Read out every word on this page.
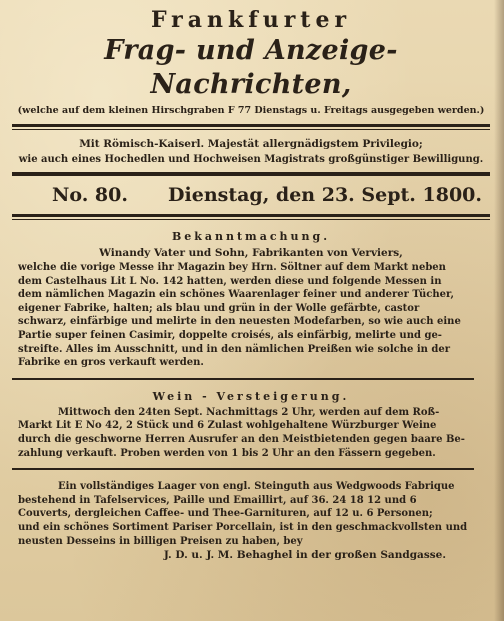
Frankfurter
Frag- und Anzeige-Nachrichten,
(welche auf dem kleinen Hirschgraben F 77 Dienstags u. Freitags ausgegeben werden.)
Mit Römisch-Kaiserl. Majestät allergnädigstem Privilegio;
wie auch eines Hochedlen und Hochweisen Magistrats großgünstiger Bewilligung.
No. 80. Dienstag, den 23. Sept. 1800.
Bekanntmachung.
Winandy Vater und Sohn, Fabrikanten von Verviers,
welche die vorige Messe ihr Magazin bey Hrn. Söltner auf dem Markt neben
dem Castelhaus Lit L No. 142 hatten, werden diese und folgende Messen in
dem nämlichen Magazin ein schönes Waarenlager feiner und anderer Tücher,
eigener Fabrike, halten; als blau und grün in der Wolle gefärbte, castor
schwarz, einfärbige und melirte in den neuesten Modefarben, so wie auch eine
Partie super feinen Casimir, doppelte croisés, als einfärbig, melirte und ge-
streifte. Alles im Ausschnitt, und in den nämlichen Preißen wie solche in der
Fabrike en gros verkauft werden.
Wein - Versteigerung.
Mittwoch den 24ten Sept. Nachmittags 2 Uhr, werden auf dem Roß-
Markt Lit E No 42, 2 Stück und 6 Zulast wohlgehaltene Würzburger Weine
durch die geschworne Herren Ausrufer an den Meistbietenden gegen baare Be-
zahlung verkauft. Proben werden von 1 bis 2 Uhr an den Fässern gegeben.
Ein vollständiges Laager von engl. Steinguth aus Wedgwoods Fabrique
bestehend in Tafelservices, Paille und Emaillirt, auf 36. 24 18 12 und 6
Couverts, dergleichen Caffee- und Thee-Garnituren, auf 12 u. 6 Personen;
und ein schönes Sortiment Pariser Porcellain, ist in den geschmackvollsten und
neusten Desseins in billigen Preisen zu haben, bey
J. D. u. J. M. Behaghel in der großen Sandgasse.
